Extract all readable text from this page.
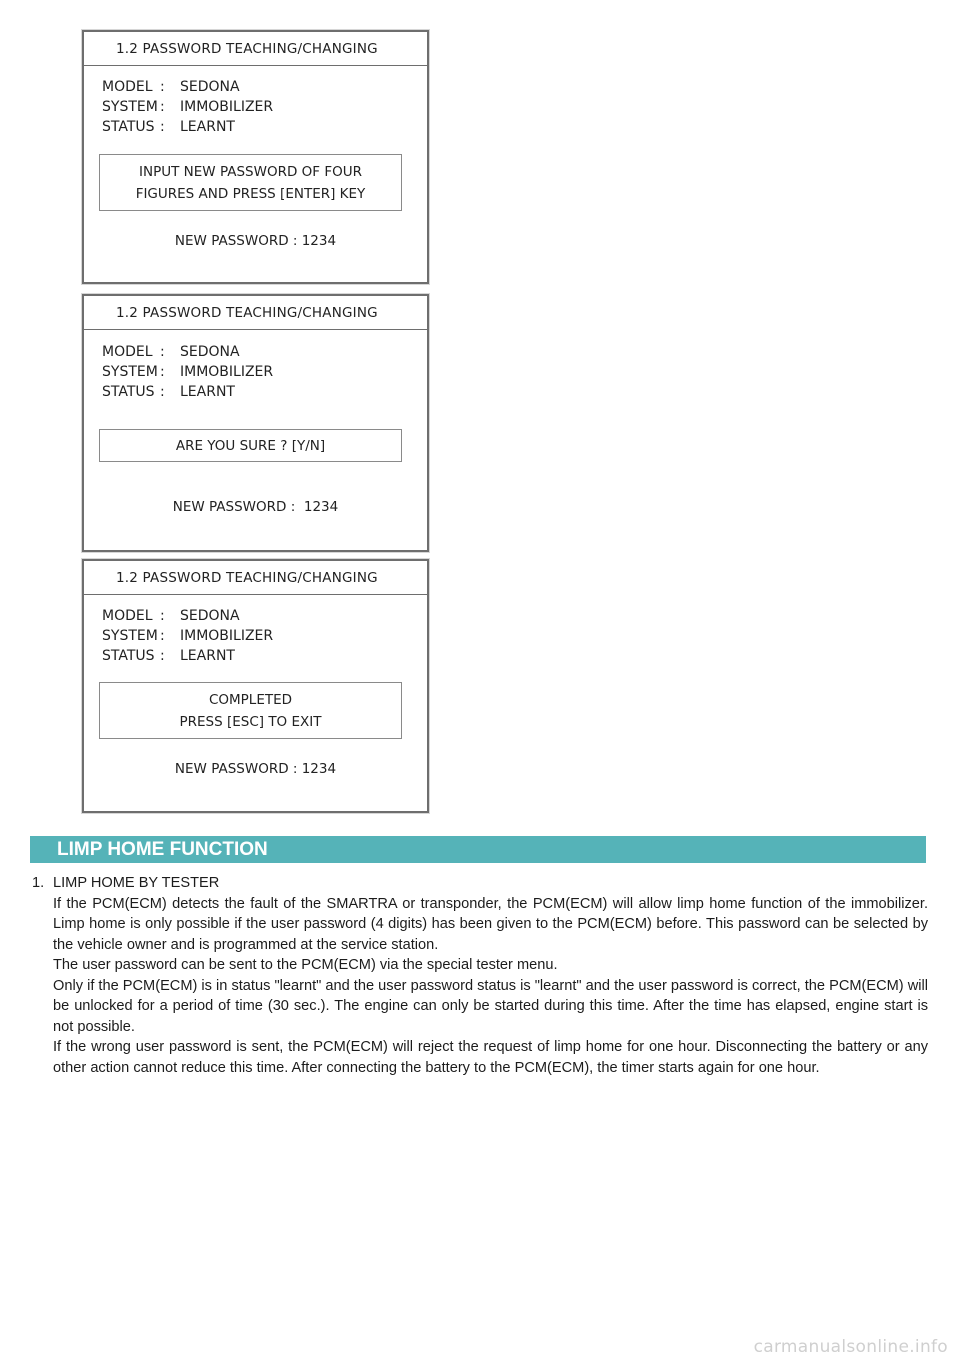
1.2 PASSWORD TEACHING/CHANGING
MODEL :	SEDONA
SYSTEM :	IMMOBILIZER
STATUS :	LEARNT
INPUT NEW PASSWORD OF FOUR
FIGURES AND PRESS [ENTER] KEY
NEW PASSWORD : 1234
1.2 PASSWORD TEACHING/CHANGING
MODEL :	SEDONA
SYSTEM :	IMMOBILIZER
STATUS :	LEARNT
ARE YOU SURE ? [Y/N]
NEW PASSWORD :  1234
1.2 PASSWORD TEACHING/CHANGING
MODEL :	SEDONA
SYSTEM :	IMMOBILIZER
STATUS :	LEARNT
COMPLETED
PRESS [ESC] TO EXIT
NEW PASSWORD : 1234
LIMP HOME FUNCTION
1. LIMP HOME BY TESTER

If the PCM(ECM) detects the fault of the SMARTRA or transponder, the PCM(ECM) will allow limp home function of the immobilizer. Limp home is only possible if the user password (4 digits) has been given to the PCM(ECM) before. This password can be selected by the vehicle owner and is programmed at the service station.

The user password can be sent to the PCM(ECM) via the special tester menu.

Only if the PCM(ECM) is in status "learnt" and the user password status is "learnt" and the user password is correct, the PCM(ECM) will be unlocked for a period of time (30 sec.). The engine can only be started during this time. After the time has elapsed, engine start is not possible.

If the wrong user password is sent, the PCM(ECM) will reject the request of limp home for one hour. Disconnecting the battery or any other action cannot reduce this time. After connecting the battery to the PCM(ECM), the timer starts again for one hour.

carmanualsonline.info
